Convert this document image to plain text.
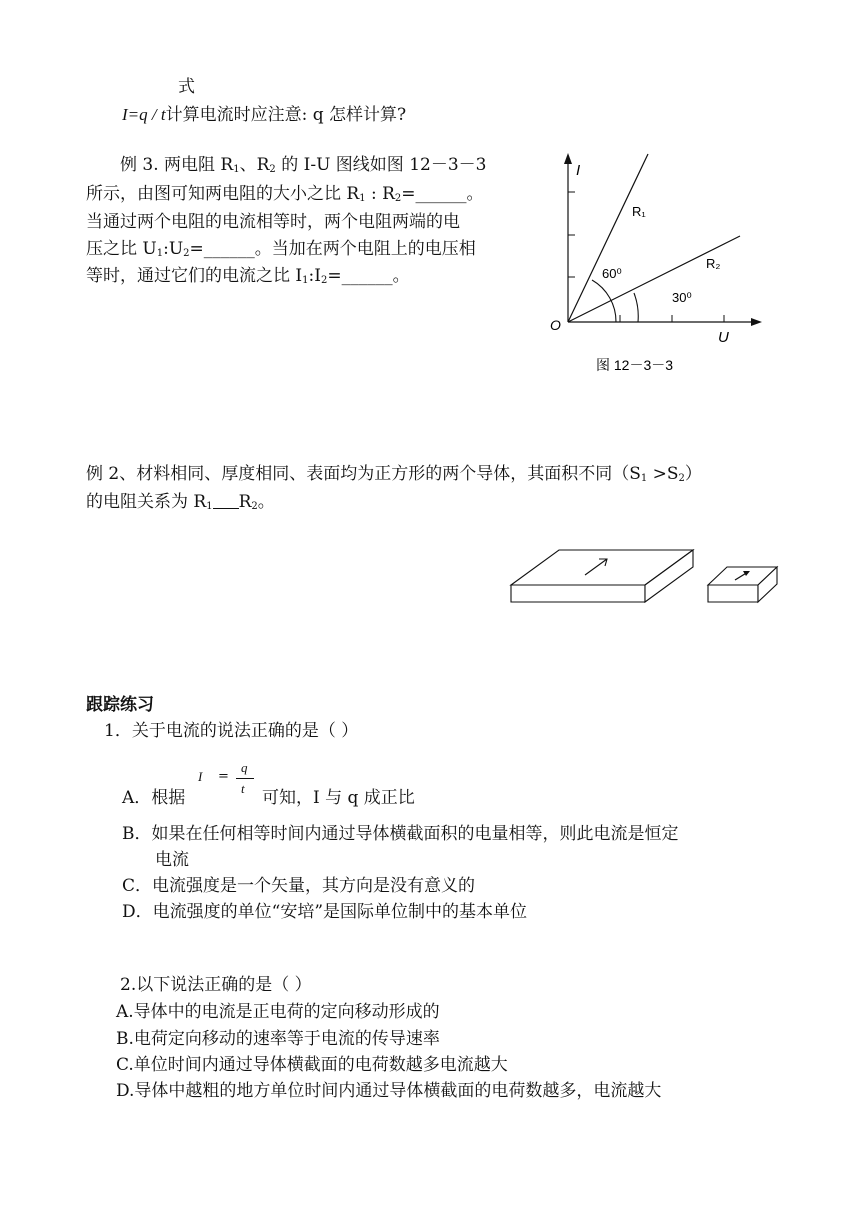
式
I=q / t计算电流时应注意: q 怎样计算?
例 3. 两电阻 $R_1$、$R_2$ 的 I-U 图线如图 12－3－3
所示，由图可知两电阻的大小之比 $R_1$ : $R_2=\_\_\_\_\_\_$。
当通过两个电阻的电流相等时，两个电阻两端的电
压之比 $U_1:U_2=\_\_\_\_\_\_$。当加在两个电阻上的电压相
等时，通过它们的电流之比 $I_1:I_2=\_\_\_\_\_\_$。
I
U
O
R₁
R₂
60⁰
30⁰
图 12－3－3
例 2、材料相同、厚度相同、表面均为正方形的两个导体，其面积不同$(S_1 >S_2)$
的电阻关系为 $R_1$ $R_2$。
跟踪练习
1．关于电流的说法正确的是（ ）
I =
q
t
A．根据	可知，I 与 q 成正比
B．如果在任何相等时间内通过导体横截面积的电量相等，则此电流是恒定
电流
C．电流强度是一个矢量，其方向是没有意义的
D．电流强度的单位“安培”是国际单位制中的基本单位
2.以下说法正确的是（ ）
A.导体中的电流是正电荷的定向移动形成的
B.电荷定向移动的速率等于电流的传导速率
C.单位时间内通过导体横截面的电荷数越多电流越大
D.导体中越粗的地方单位时间内通过导体横截面的电荷数越多，电流越大
